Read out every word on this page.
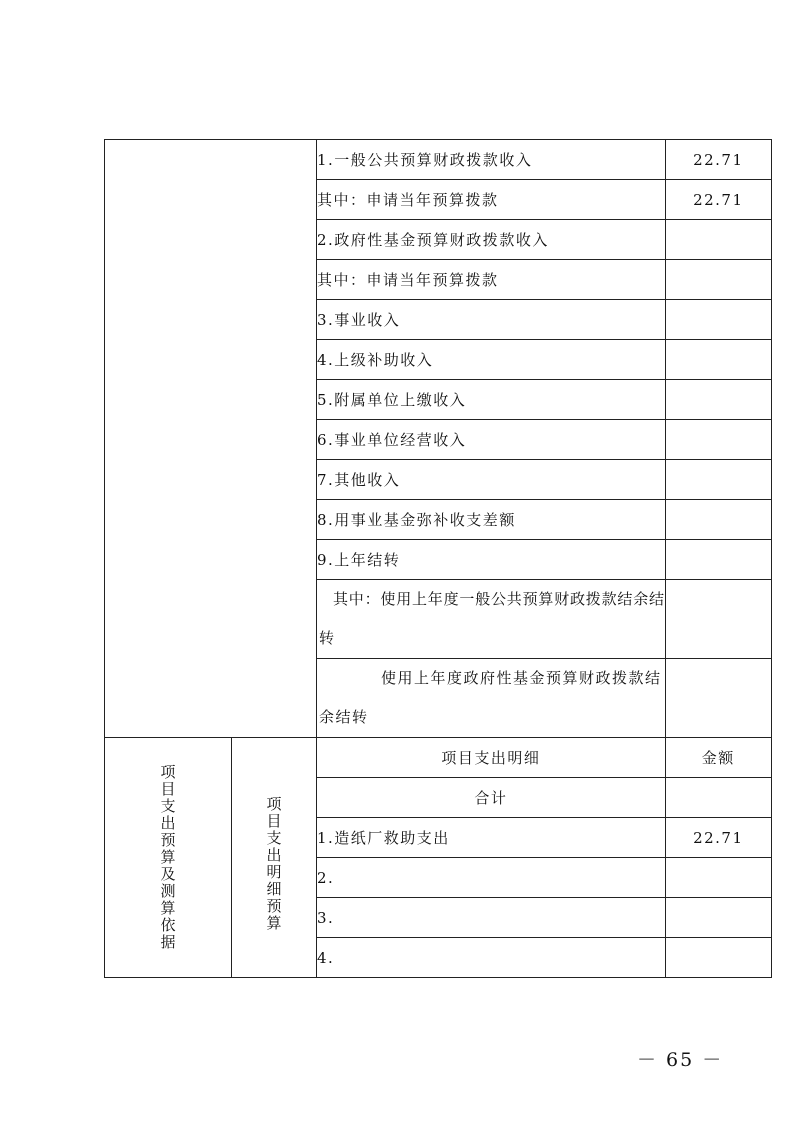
		1.一般公共预算财政拨款收入	22.71
		其中：申请当年预算拨款	22.71
		2.政府性基金预算财政拨款收入	
		其中：申请当年预算拨款	
		3.事业收入	
		4.上级补助收入	
		5.附属单位上缴收入	
		6.事业单位经营收入	
		7.其他收入	
		8.用事业基金弥补收支差额	
		9.上年结转	

		其中：使用上年度一般公共预算财政拨款结余结
转	

		使用上年度政府性基金预算财政拨款结
余结转	

项目支出预算及测算依据	项目支出明细预算	项目支出明细	金额
		合计	
		1.造纸厂救助支出	22.71
		2.	
		3.	
		4.	
－ 65 －
